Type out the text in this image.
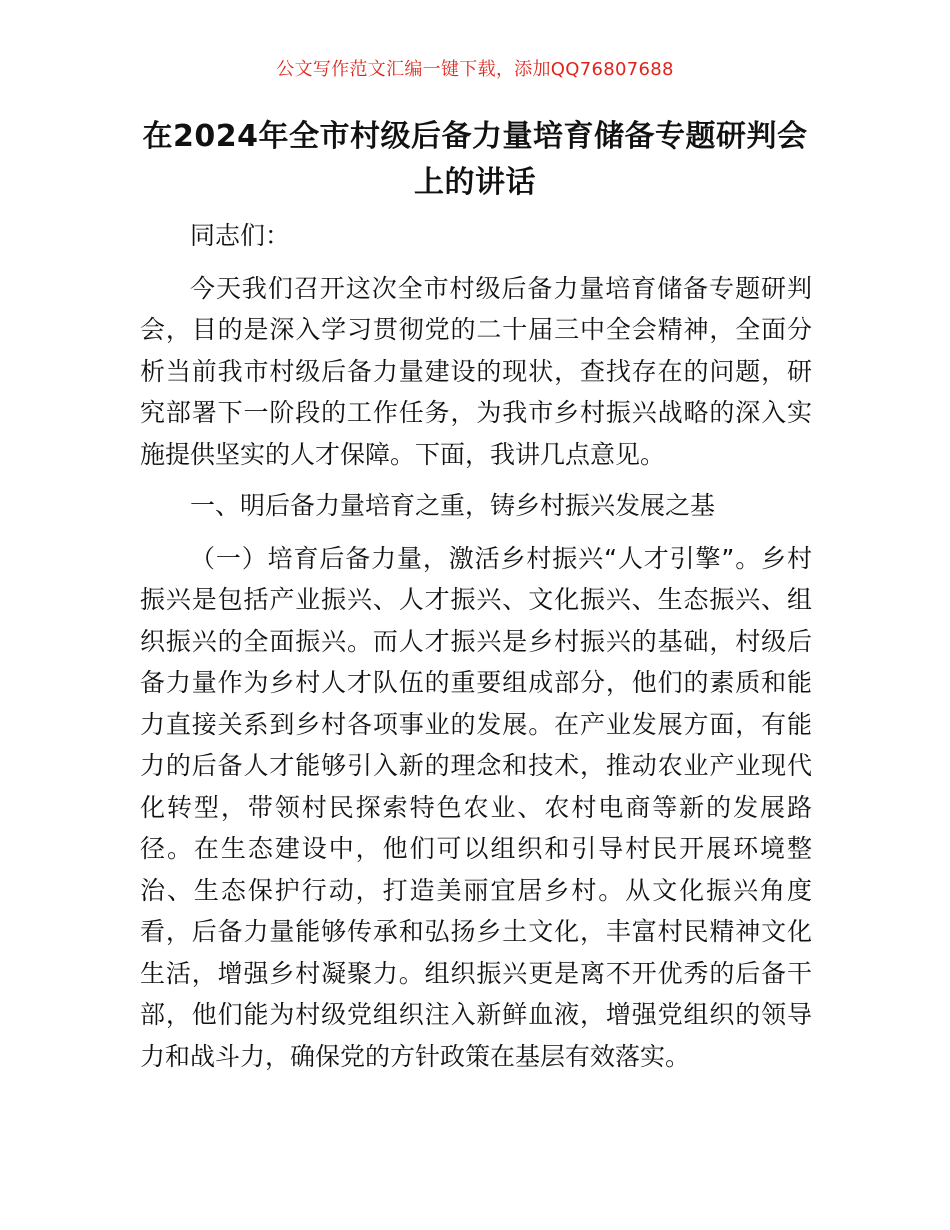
公文写作范文汇编一键下载，添加QQ76807688
在2024年全市村级后备力量培育储备专题研判会上的讲话

同志们：

今天我们召开这次全市村级后备力量培育储备专题研判会，目的是深入学习贯彻党的二十届三中全会精神，全面分析当前我市村级后备力量建设的现状，查找存在的问题，研究部署下一阶段的工作任务，为我市乡村振兴战略的深入实施提供坚实的人才保障。下面，我讲几点意见。

一、明后备力量培育之重，铸乡村振兴发展之基

（一）培育后备力量，激活乡村振兴“人才引擎”。乡村振兴是包括产业振兴、人才振兴、文化振兴、生态振兴、组织振兴的全面振兴。而人才振兴是乡村振兴的基础，村级后备力量作为乡村人才队伍的重要组成部分，他们的素质和能力直接关系到乡村各项事业的发展。在产业发展方面，有能力的后备人才能够引入新的理念和技术，推动农业产业现代化转型，带领村民探索特色农业、农村电商等新的发展路径。在生态建设中，他们可以组织和引导村民开展环境整治、生态保护行动，打造美丽宜居乡村。从文化振兴角度看，后备力量能够传承和弘扬乡土文化，丰富村民精神文化生活，增强乡村凝聚力。组织振兴更是离不开优秀的后备干部，他们能为村级党组织注入新鲜血液，增强党组织的领导力和战斗力，确保党的方针政策在基层有效落实。
